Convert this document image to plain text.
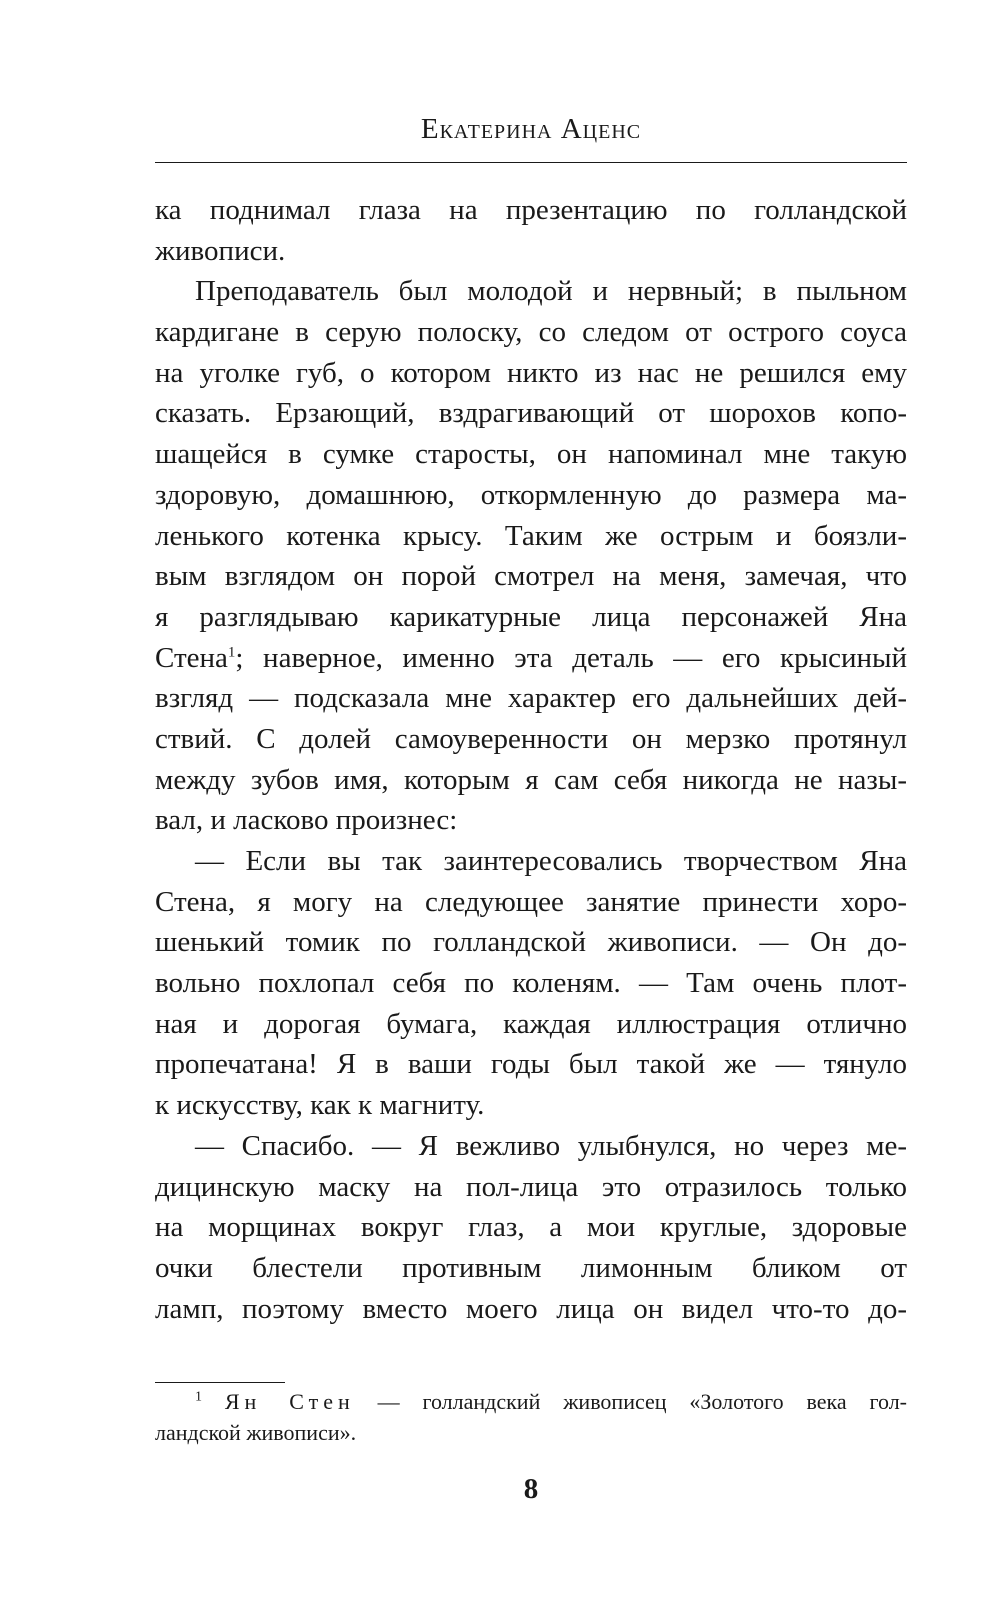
Екатерина Аценс
ка поднимал глаза на презентацию по голландской
живописи.
Преподаватель был молодой и нервный; в пыльном
кардигане в серую полоску, со следом от острого соуса
на уголке губ, о котором никто из нас не решился ему
сказать. Ерзающий, вздрагивающий от шорохов копо-
шащейся в сумке старосты, он напоминал мне такую
здоровую, домашнюю, откормленную до размера ма-
ленького котенка крысу. Таким же острым и боязли-
вым взглядом он порой смотрел на меня, замечая, что
я разглядываю карикатурные лица персонажей Яна
Стена$^1$; наверное, именно эта деталь — его крысиный
взгляд — подсказала мне характер его дальнейших дей-
ствий. С долей самоуверенности он мерзко протянул
между зубов имя, которым я сам себя никогда не назы-
вал, и ласково произнес:
— Если вы так заинтересовались творчеством Яна
Стена, я могу на следующее занятие принести хоро-
шенький томик по голландской живописи. — Он до-
вольно похлопал себя по коленям. — Там очень плот-
ная и дорогая бумага, каждая иллюстрация отлично
пропечатана! Я в ваши годы был такой же — тянуло
к искусству, как к магниту.
— Спасибо. — Я вежливо улыбнулся, но через ме-
дицинскую маску на пол-лица это отразилось только
на морщинах вокруг глаз, а мои круглые, здоровые
очки блестели противным лимонным бликом от
ламп, поэтому вместо моего лица он видел что-то до-
$^1$ Ян Стен — голландский живописец «Золотого века гол-
ландской живописи».
8
